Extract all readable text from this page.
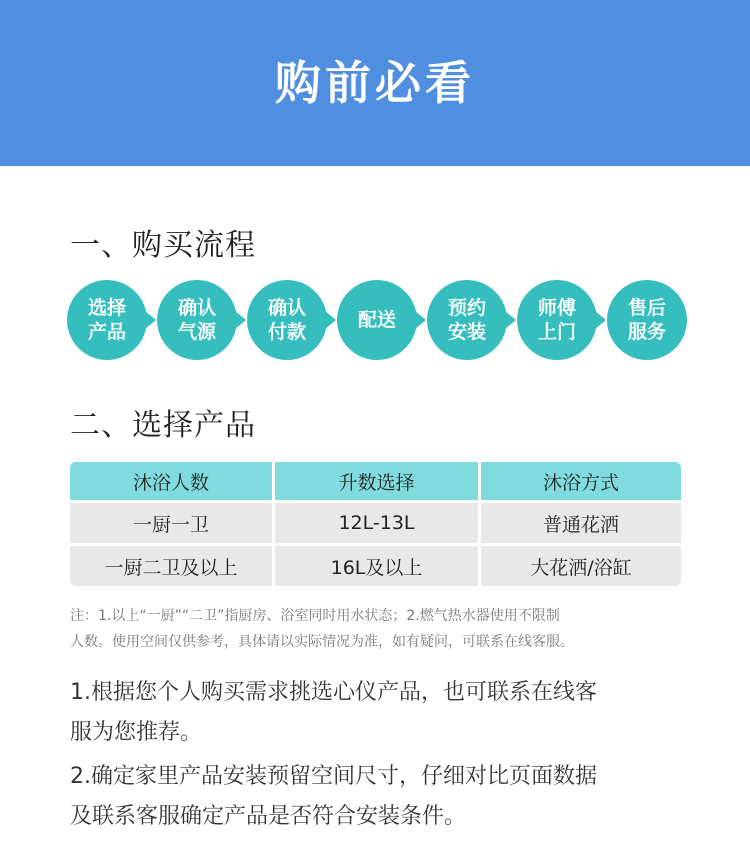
购前必看
一、购买流程
选择
产品
确认
气源
确认
付款
配送
预约
安装
师傅
上门
售后
服务
二、选择产品
沐浴人数	升数选择	沐浴方式
一厨一卫	12L-13L	普通花洒
一厨二卫及以上	16L及以上	大花洒/浴缸
注：1.以上“一厨”“二卫”指厨房、浴室同时用水状态；2.燃气热水器使用不限制
人数。使用空间仅供参考，具体请以实际情况为准，如有疑问，可联系在线客服。
1.根据您个人购买需求挑选心仪产品，也可联系在线客
服为您推荐。
2.确定家里产品安装预留空间尺寸，仔细对比页面数据
及联系客服确定产品是否符合安装条件。
